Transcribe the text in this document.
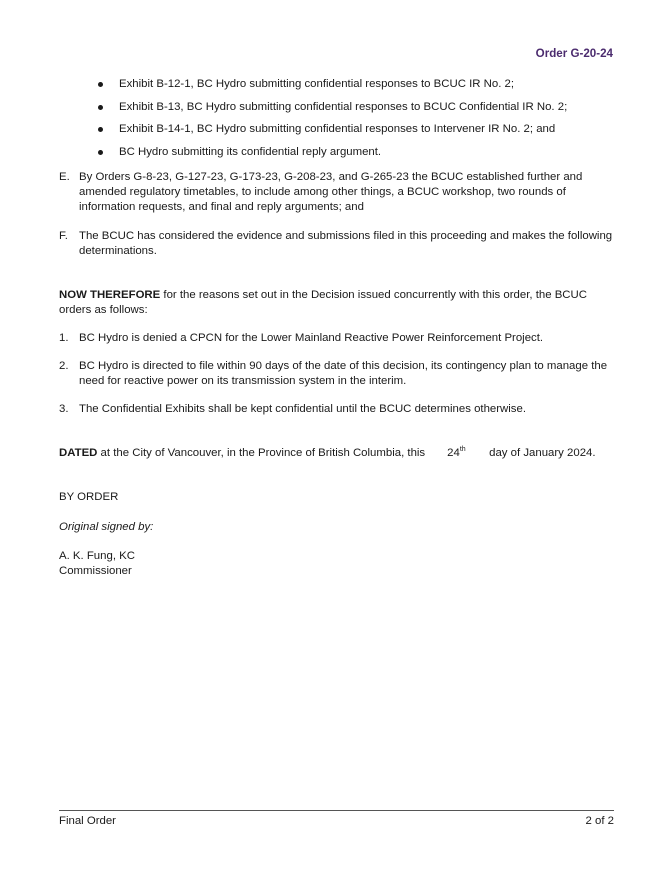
Order G-20-24
Exhibit B-12-1, BC Hydro submitting confidential responses to BCUC IR No. 2;
Exhibit B-13, BC Hydro submitting confidential responses to BCUC Confidential IR No. 2;
Exhibit B-14-1, BC Hydro submitting confidential responses to Intervener IR No. 2; and
BC Hydro submitting its confidential reply argument.
E. By Orders G-8-23, G-127-23, G-173-23, G-208-23, and G-265-23 the BCUC established further and amended regulatory timetables, to include among other things, a BCUC workshop, two rounds of information requests, and final and reply arguments; and
F. The BCUC has considered the evidence and submissions filed in this proceeding and makes the following determinations.
NOW THEREFORE for the reasons set out in the Decision issued concurrently with this order, the BCUC orders as follows:
1. BC Hydro is denied a CPCN for the Lower Mainland Reactive Power Reinforcement Project.
2. BC Hydro is directed to file within 90 days of the date of this decision, its contingency plan to manage the need for reactive power on its transmission system in the interim.
3. The Confidential Exhibits shall be kept confidential until the BCUC determines otherwise.
DATED at the City of Vancouver, in the Province of British Columbia, this 24th day of January 2024.
BY ORDER
Original signed by:
A. K. Fung, KC
Commissioner
Final Order	2 of 2
